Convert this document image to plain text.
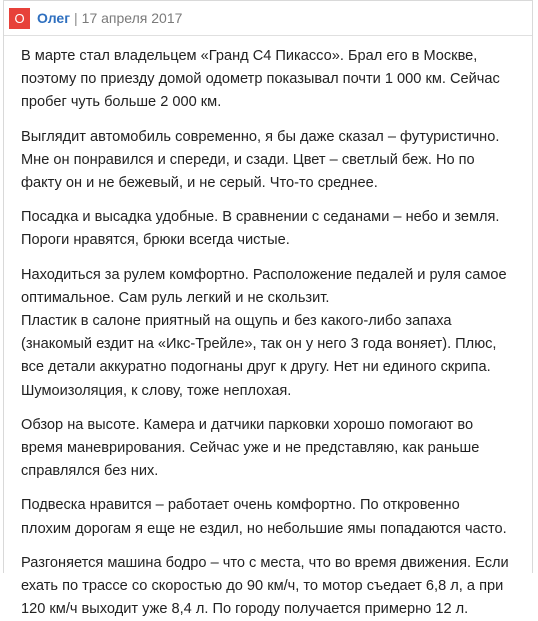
О Олег | 17 апреля 2017

В марте стал владельцем «Гранд С4 Пикассо». Брал его в Москве,
поэтому по приезду домой одометр показывал почти 1 000 км. Сейчас
пробег чуть больше 2 000 км.

Выглядит автомобиль современно, я бы даже сказал – футуристично.
Мне он понравился и спереди, и сзади. Цвет – светлый беж. Но по
факту он и не бежевый, и не серый. Что-то среднее.

Посадка и высадка удобные. В сравнении с седанами – небо и земля.
Пороги нравятся, брюки всегда чистые.

Находиться за рулем комфортно. Расположение педалей и руля самое
оптимальное. Сам руль легкий и не скользит.
Пластик в салоне приятный на ощупь и без какого-либо запаха
(знакомый ездит на «Икс-Трейле», так он у него 3 года воняет). Плюс,
все детали аккуратно подогнаны друг к другу. Нет ни единого скрипа.
Шумоизоляция, к слову, тоже неплохая.

Обзор на высоте. Камера и датчики парковки хорошо помогают во
время маневрирования. Сейчас уже и не представляю, как раньше
справлялся без них.

Подвеска нравится – работает очень комфортно. По откровенно
плохим дорогам я еще не ездил, но небольшие ямы попадаются часто.

Разгоняется машина бодро – что с места, что во время движения. Если
ехать по трассе со скоростью до 90 км/ч, то мотор съедает 6,8 л, а при
120 км/ч выходит уже 8,4 л. По городу получается примерно 12 л.
